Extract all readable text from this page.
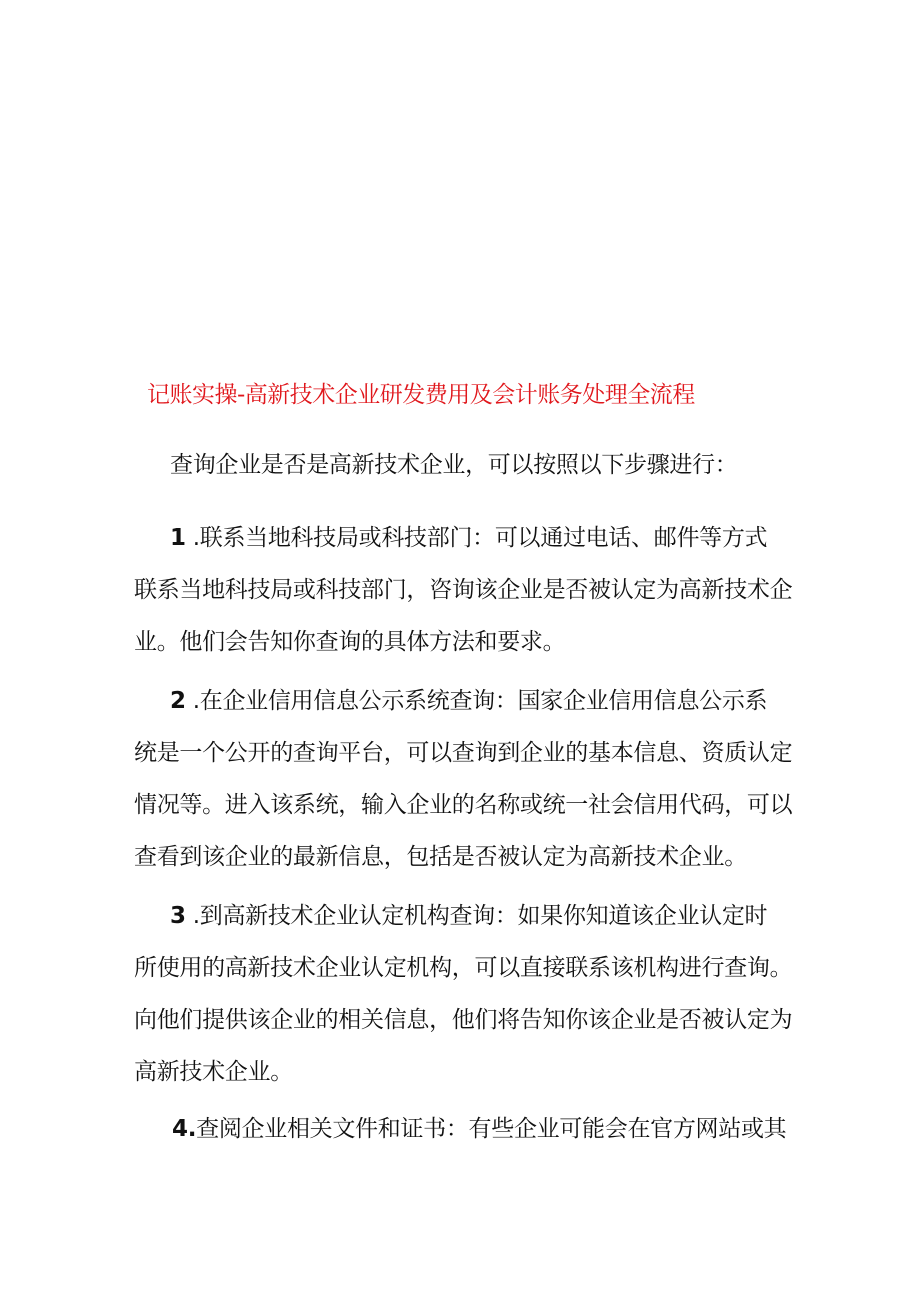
记账实操-高新技术企业研发费用及会计账务处理全流程
查询企业是否是高新技术企业，可以按照以下步骤进行：
1 .联系当地科技局或科技部门：可以通过电话、邮件等方式
联系当地科技局或科技部门，咨询该企业是否被认定为高新技术企
业。他们会告知你查询的具体方法和要求。
2 .在企业信用信息公示系统查询：国家企业信用信息公示系
统是一个公开的查询平台，可以查询到企业的基本信息、资质认定
情况等。进入该系统，输入企业的名称或统一社会信用代码，可以
查看到该企业的最新信息，包括是否被认定为高新技术企业。
3 .到高新技术企业认定机构查询：如果你知道该企业认定时
所使用的高新技术企业认定机构，可以直接联系该机构进行查询。
向他们提供该企业的相关信息，他们将告知你该企业是否被认定为
高新技术企业。
4.查阅企业相关文件和证书：有些企业可能会在官方网站或其
